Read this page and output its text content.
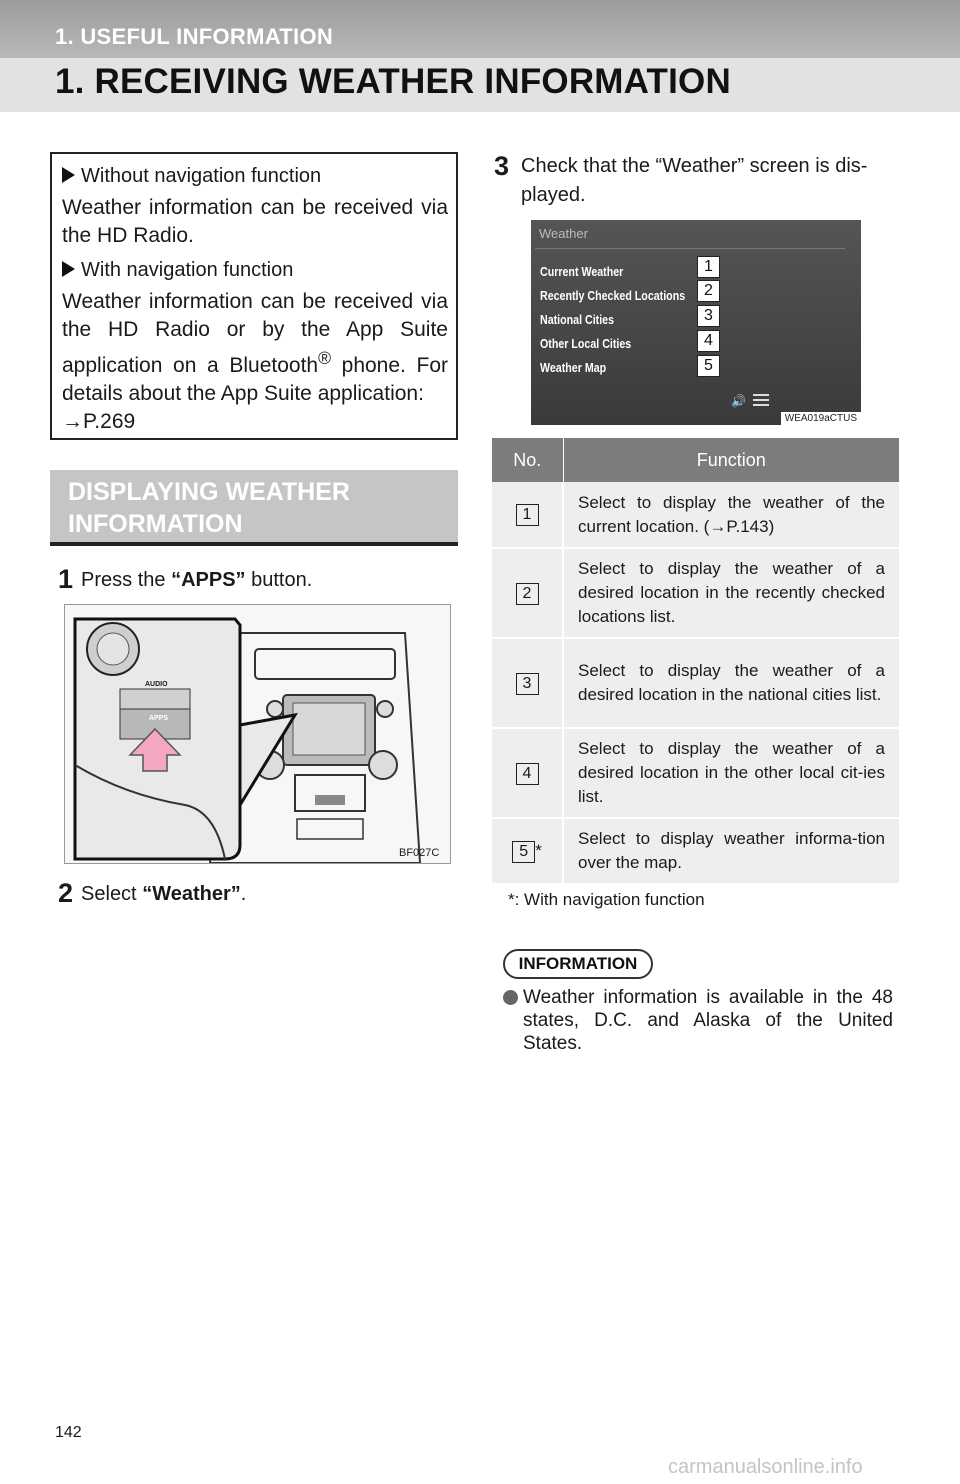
1. USEFUL INFORMATION
1. RECEIVING WEATHER INFORMATION
Without navigation function
Weather information can be received via the HD Radio.
With navigation function
Weather information can be received via the HD Radio or by the App Suite application on a Bluetooth® phone. For details about the App Suite application:
→P.269
DISPLAYING WEATHER INFORMATION
1 Press the “APPS” button.
AUDIO
APPS
BF027C
2 Select “Weather”.
3 Check that the “Weather” screen is dis-played.
Weather
Current Weather
Recently Checked Locations
National Cities
Other Local Cities
Weather Map
1
2
3
4
5
🔊
WEA019aCTUS
No.	Function
1	Select to display the weather of the current location. (→P.143)
2	Select to display the weather of a desired location in the recently checked locations list.
3	Select to display the weather of a desired location in the national cities list.
4	Select to display the weather of a desired location in the other local cit-ies list.
5 *	Select to display weather informa-tion over the map.
*: With navigation function
INFORMATION
Weather information is available in the 48 states, D.C. and Alaska of the United States.
142
carmanualsonline.info
